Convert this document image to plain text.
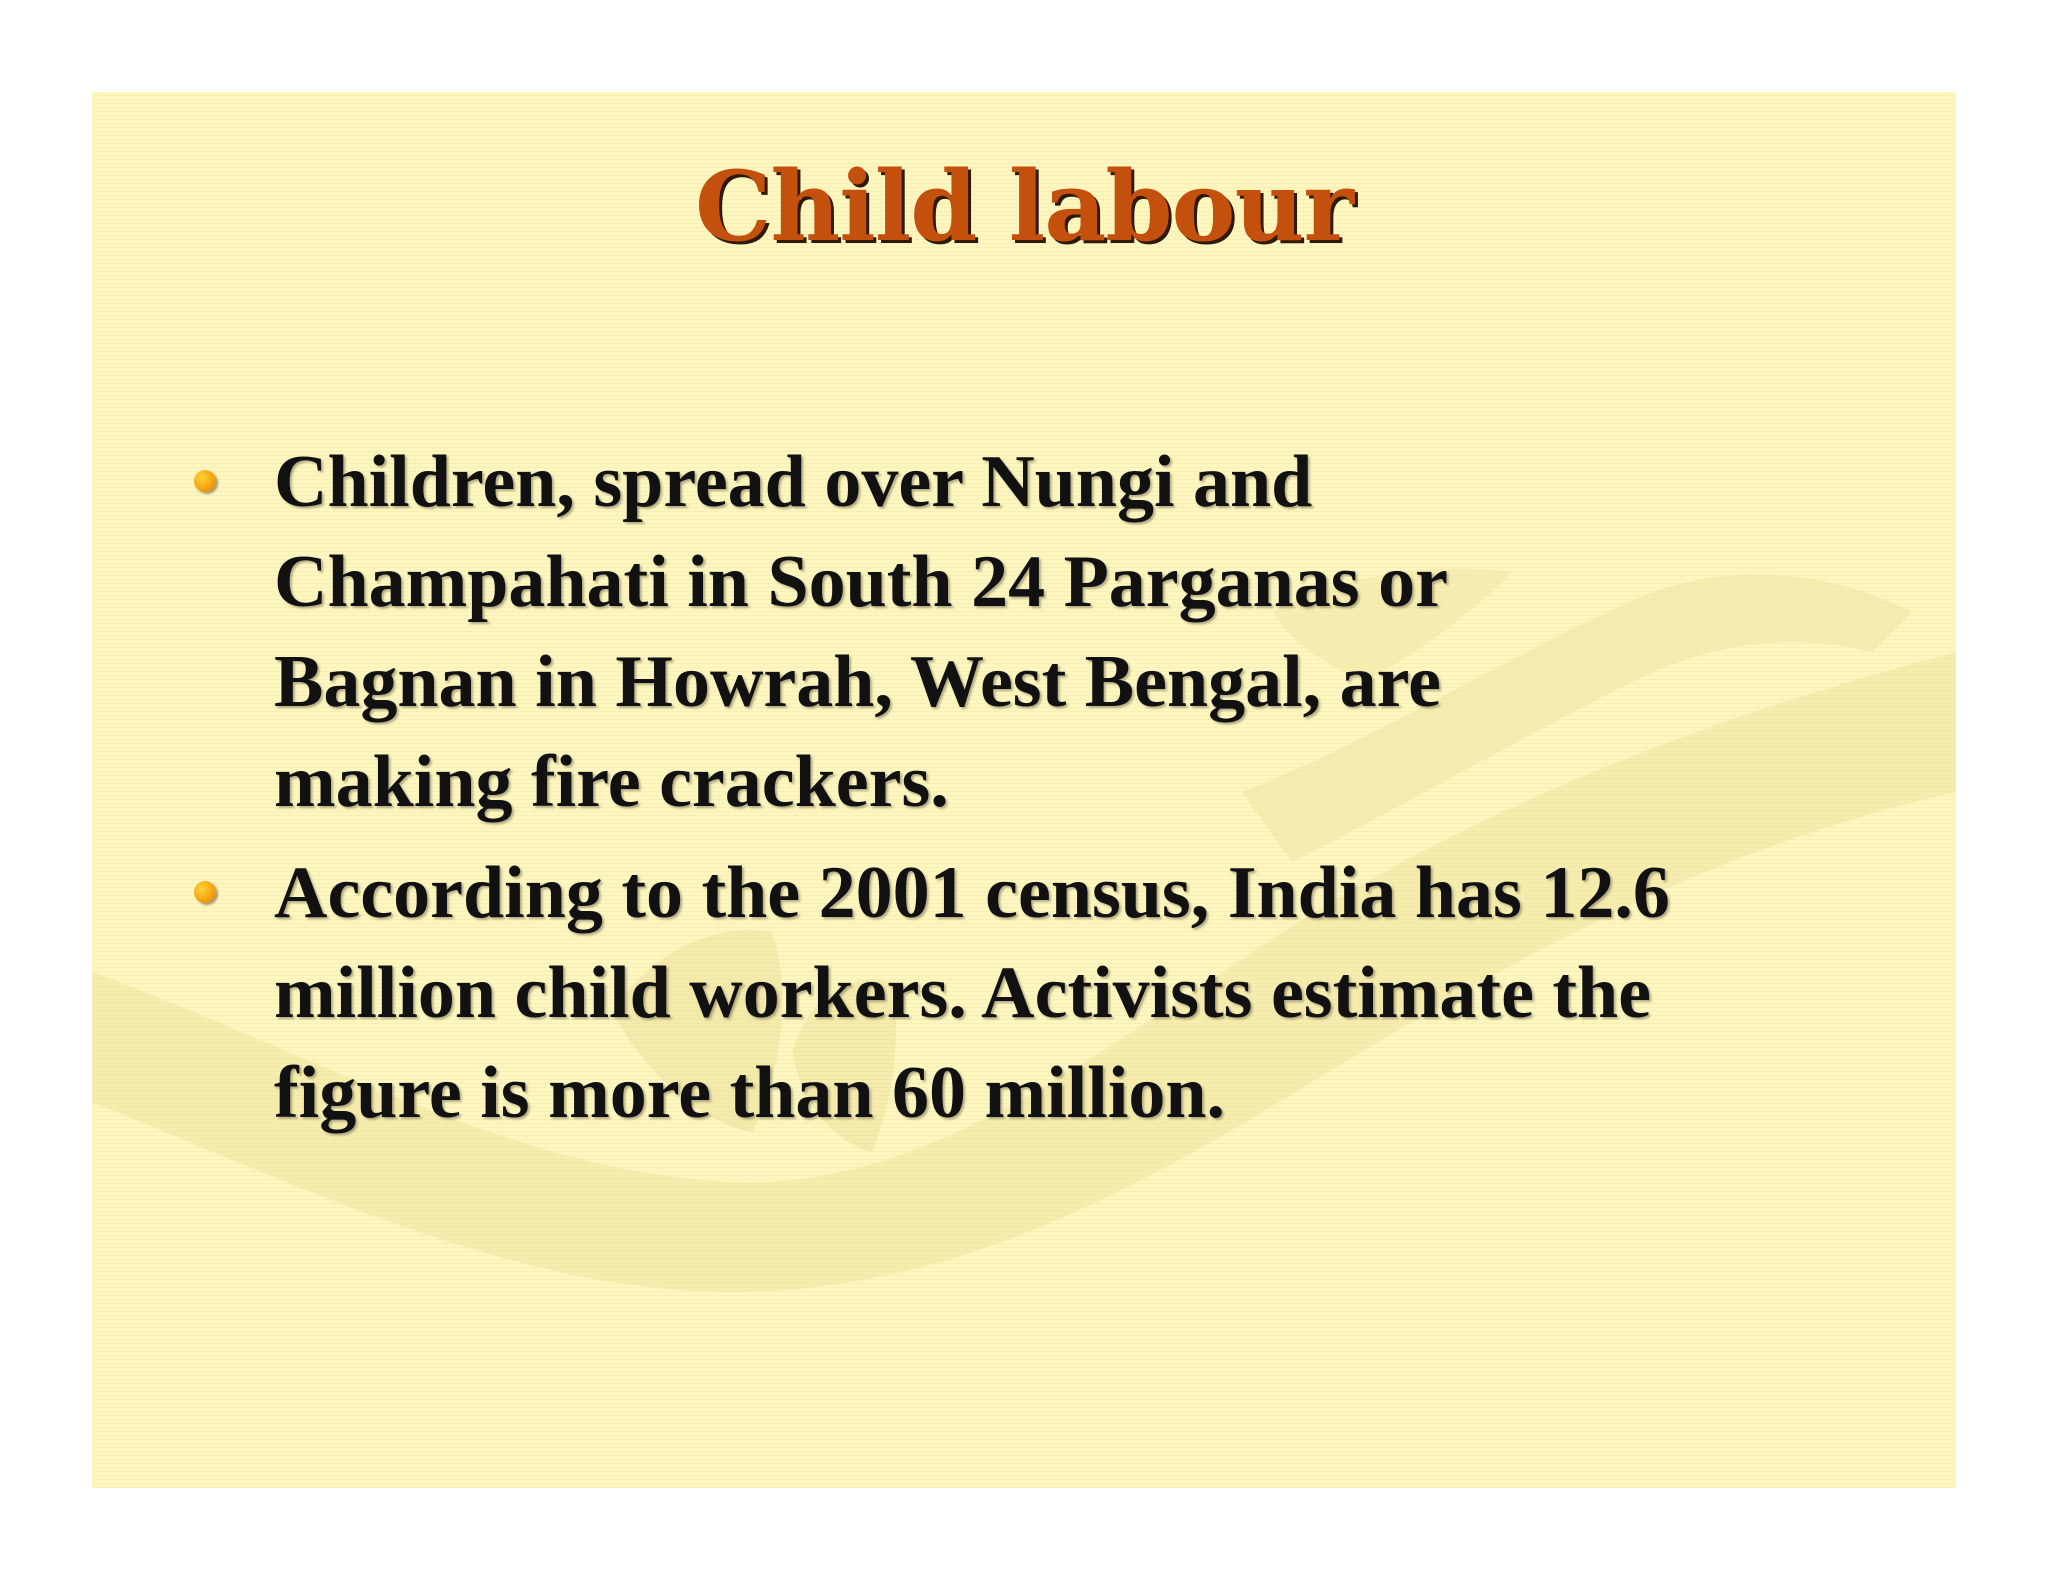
Child labour
Children, spread over Nungi and
Champahati in South 24 Parganas or
Bagnan in Howrah, West Bengal, are
making fire crackers.
According to the 2001 census, India has 12.6
million child workers. Activists estimate the
figure is more than 60 million.
